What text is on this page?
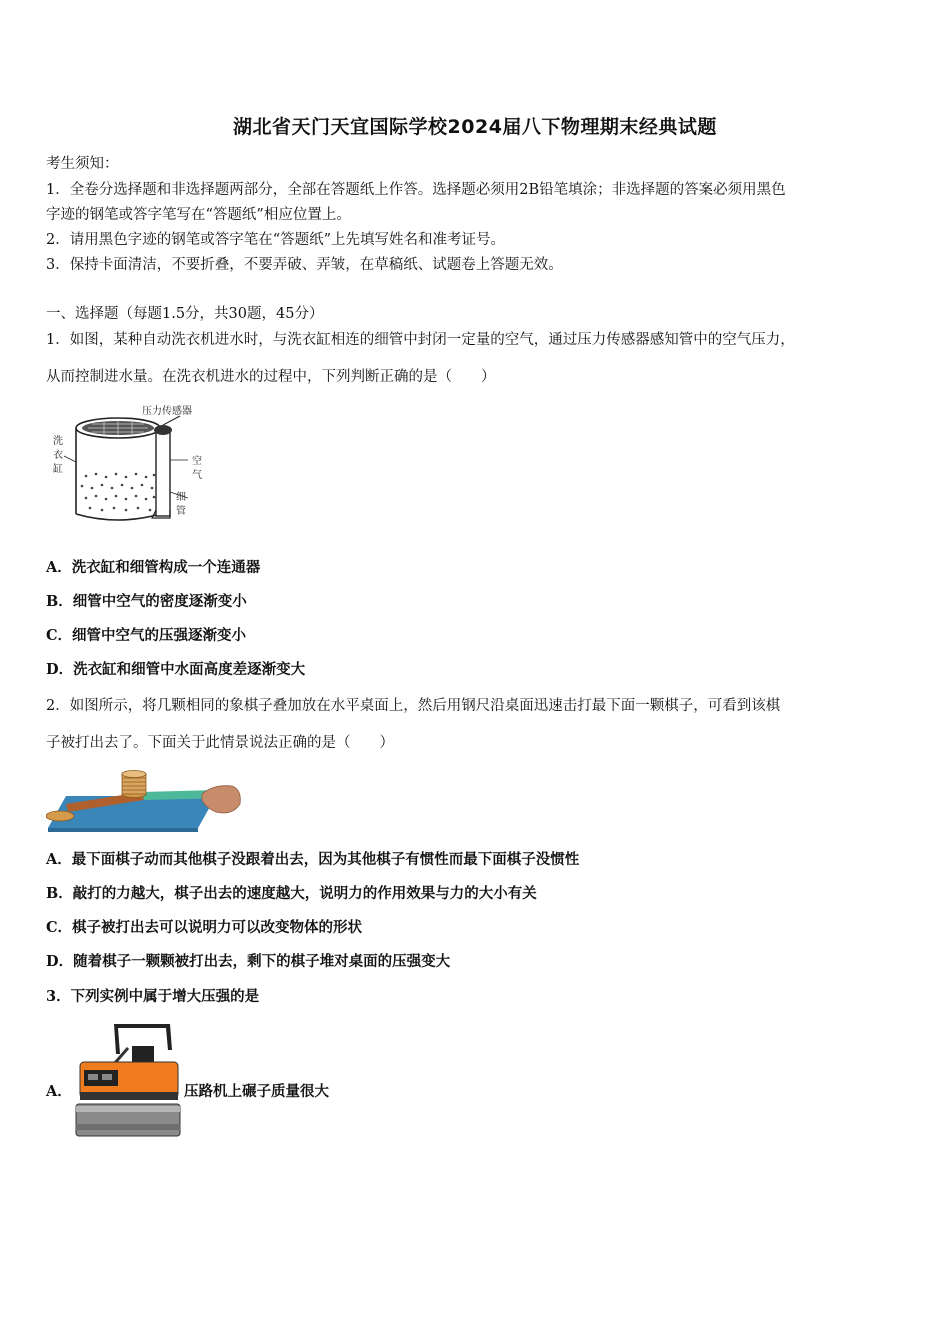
湖北省天门天宜国际学校2024届八下物理期末经典试题
考生须知：
1．全卷分选择题和非选择题两部分，全部在答题纸上作答。选择题必须用2B铅笔填涂；非选择题的答案必须用黑色
字迹的钢笔或答字笔写在“答题纸”相应位置上。
2．请用黑色字迹的钢笔或答字笔在“答题纸”上先填写姓名和准考证号。
3．保持卡面清洁，不要折叠，不要弄破、弄皱，在草稿纸、试题卷上答题无效。
一、选择题（每题1.5分，共30题，45分）
1．如图，某种自动洗衣机进水时，与洗衣缸相连的细管中封闭一定量的空气，通过压力传感器感知管中的空气压力，
从而控制进水量。在洗衣机进水的过程中，下列判断正确的是（　　）
压力传感器
洗
衣
缸
空
气
细
管
A．洗衣缸和细管构成一个连通器
B．细管中空气的密度逐渐变小
C．细管中空气的压强逐渐变小
D．洗衣缸和细管中水面高度差逐渐变大
2．如图所示，将几颗相同的象棋子叠加放在水平桌面上，然后用钢尺沿桌面迅速击打最下面一颗棋子，可看到该棋
子被打出去了。下面关于此情景说法正确的是（　　）
A．最下面棋子动而其他棋子没跟着出去，因为其他棋子有惯性而最下面棋子没惯性
B．敲打的力越大，棋子出去的速度越大，说明力的作用效果与力的大小有关
C．棋子被打出去可以说明力可以改变物体的形状
D．随着棋子一颗颗被打出去，剩下的棋子堆对桌面的压强变大
3．下列实例中属于增大压强的是
A．	压路机上碾子质量很大
